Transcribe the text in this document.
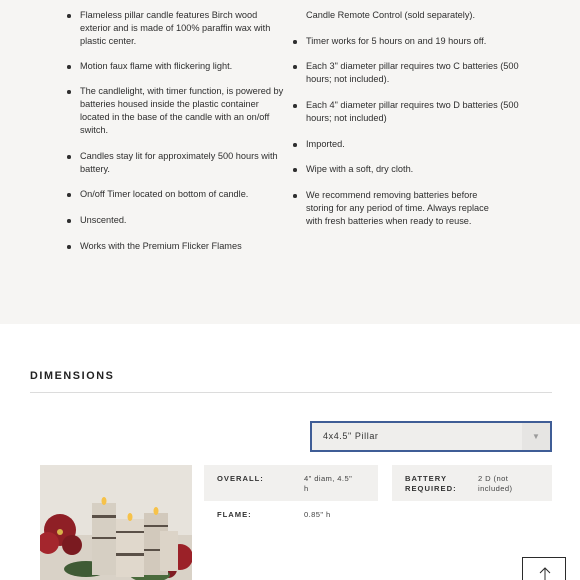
Flameless pillar candle features Birch wood exterior and is made of 100% paraffin wax with plastic center.
Motion faux flame with flickering light.
The candlelight, with timer function, is powered by batteries housed inside the plastic container located in the base of the candle with an on/off switch.
Candles stay lit for approximately 500 hours with battery.
On/off Timer located on bottom of candle.
Unscented.
Works with the Premium Flicker Flames
Candle Remote Control (sold separately).
Timer works for 5 hours on and 19 hours off.
Each 3" diameter pillar requires two C batteries (500 hours; not included).
Each 4" diameter pillar requires two D batteries (500 hours; not included)
Imported.
Wipe with a soft, dry cloth.
We recommend removing batteries before storing for any period of time. Always replace with fresh batteries when ready to reuse.
DIMENSIONS
4x4.5" Pillar	▼
OVERALL:	4" diam, 4.5"
h
BATTERY
REQUIRED:
2 D (not
included)
FLAME:	0.85" h
